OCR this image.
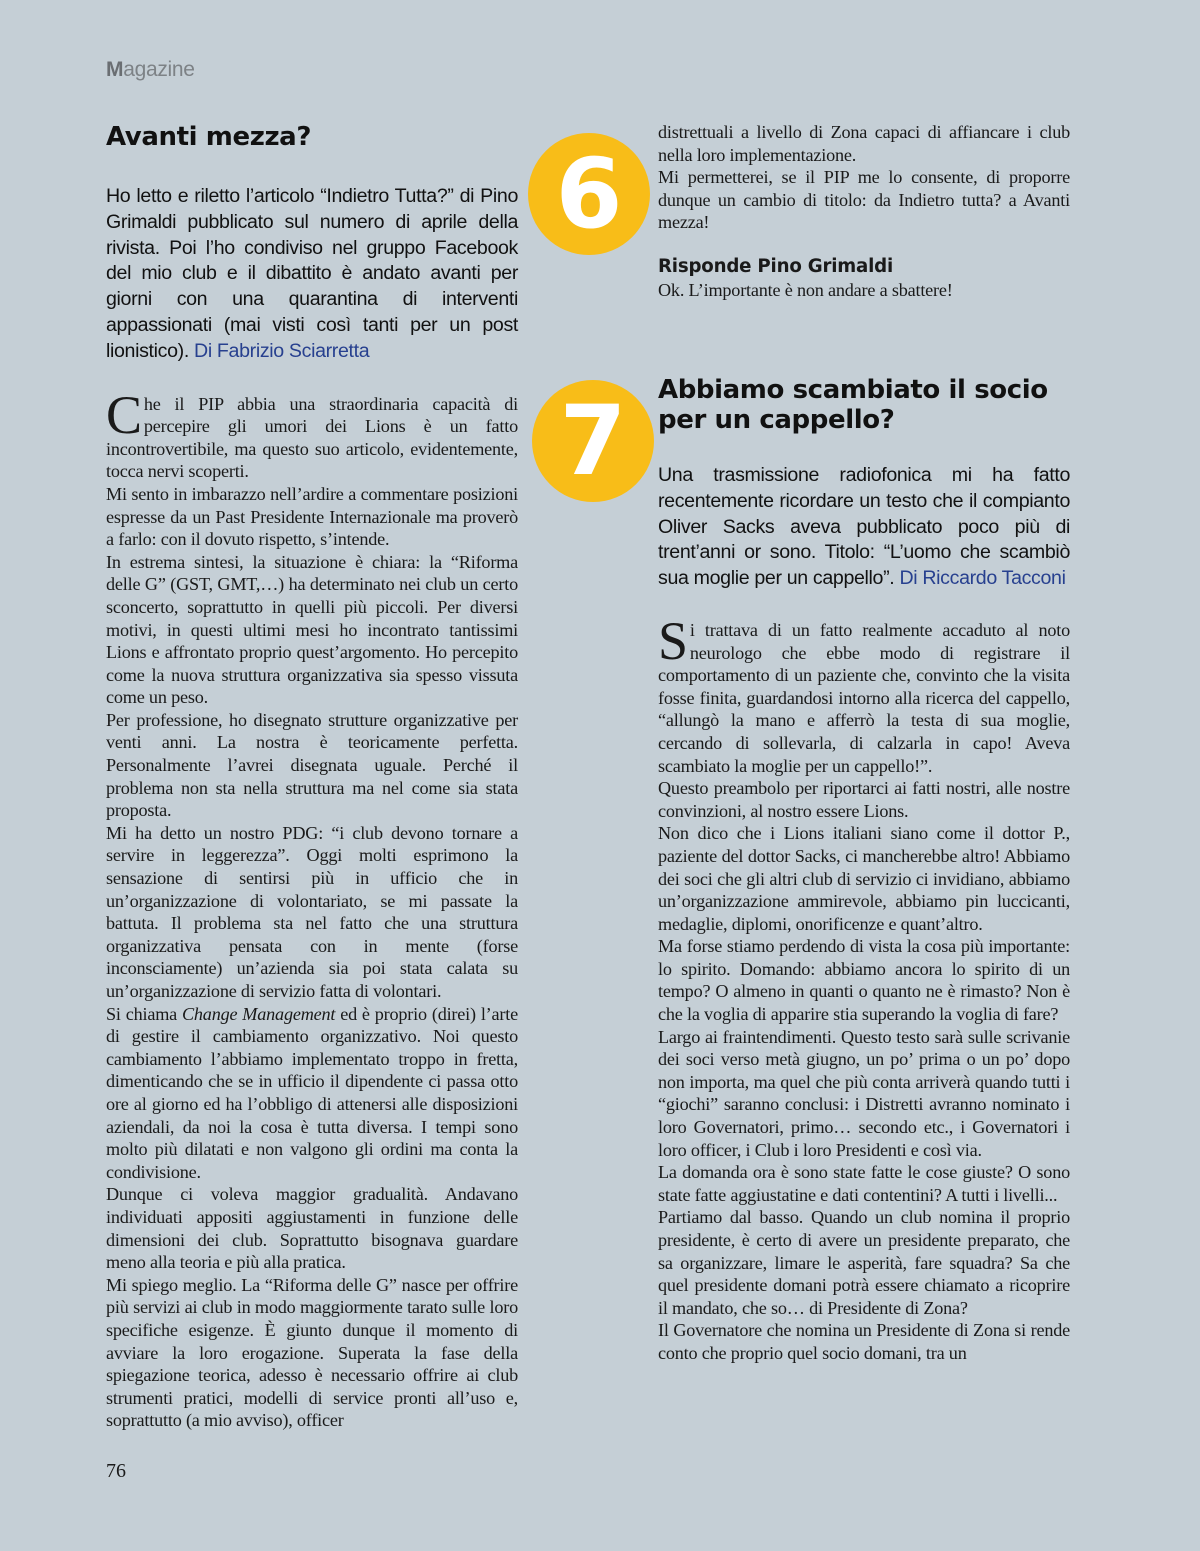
Magazine
Avanti mezza?

Ho letto e riletto l’articolo “Indietro Tutta?” di Pino Grimaldi pubblicato sul numero di aprile della rivista. Poi l’ho condiviso nel gruppo Facebook del mio club e il dibattito è andato avanti per giorni con una quarantina di interventi appassionati (mai visti così tanti per un post lionistico). Di Fabrizio Sciarretta

Che il PIP abbia una straordinaria capacità di percepire gli umori dei Lions è un fatto incontrovertibile, ma questo suo articolo, evidentemente, tocca nervi scoperti.

Mi sento in imbarazzo nell’ardire a commentare posizioni espresse da un Past Presidente Internazionale ma proverò a farlo: con il dovuto rispetto, s’intende.

In estrema sintesi, la situazione è chiara: la “Riforma delle G” (GST, GMT,…) ha determinato nei club un certo sconcerto, soprattutto in quelli più piccoli. Per diversi motivi, in questi ultimi mesi ho incontrato tantissimi Lions e affrontato proprio quest’argomento. Ho percepito come la nuova struttura organizzativa sia spesso vissuta come un peso.

Per professione, ho disegnato strutture organizzative per venti anni. La nostra è teoricamente perfetta. Personalmente l’avrei disegnata uguale. Perché il problema non sta nella struttura ma nel come sia stata proposta.

Mi ha detto un nostro PDG: “i club devono tornare a servire in leggerezza”. Oggi molti esprimono la sensazione di sentirsi più in ufficio che in un’organizzazione di volontariato, se mi passate la battuta. Il problema sta nel fatto che una struttura organizzativa pensata con in mente (forse inconsciamente) un’azienda sia poi stata calata su un’organizzazione di servizio fatta di volontari.

Si chiama Change Management ed è proprio (direi) l’arte di gestire il cambiamento organizzativo. Noi questo cambiamento l’abbiamo implementato troppo in fretta, dimenticando che se in ufficio il dipendente ci passa otto ore al giorno ed ha l’obbligo di attenersi alle disposizioni aziendali, da noi la cosa è tutta diversa. I tempi sono molto più dilatati e non valgono gli ordini ma conta la condivisione.

Dunque ci voleva maggior gradualità. Andavano individuati appositi aggiustamenti in funzione delle dimensioni dei club. Soprattutto bisognava guardare meno alla teoria e più alla pratica.

Mi spiego meglio. La “Riforma delle G” nasce per offrire più servizi ai club in modo maggiormente tarato sulle loro specifiche esigenze. È giunto dunque il momento di avviare la loro erogazione. Superata la fase della spiegazione teorica, adesso è necessario offrire ai club strumenti pratici, modelli di service pronti all’uso e, soprattutto (a mio avviso), officer

6

distrettuali a livello di Zona capaci di affiancare i club nella loro implementazione.

Mi permetterei, se il PIP me lo consente, di proporre dunque un cambio di titolo: da Indietro tutta? a Avanti mezza!

Risponde Pino Grimaldi

Ok. L’importante è non andare a sbattere!

Abbiamo scambiato il socio per un cappello?

Una trasmissione radiofonica mi ha fatto recentemente ricordare un testo che il compianto Oliver Sacks aveva pubblicato poco più di trent’anni or sono. Titolo: “L’uomo che scambiò sua moglie per un cappello”. Di Riccardo Tacconi

Si trattava di un fatto realmente accaduto al noto neurologo che ebbe modo di registrare il comportamento di un paziente che, convinto che la visita fosse finita, guardandosi intorno alla ricerca del cappello, “allungò la mano e afferrò la testa di sua moglie, cercando di sollevarla, di calzarla in capo! Aveva scambiato la moglie per un cappello!”.

Questo preambolo per riportarci ai fatti nostri, alle nostre convinzioni, al nostro essere Lions.

Non dico che i Lions italiani siano come il dottor P., paziente del dottor Sacks, ci mancherebbe altro! Abbiamo dei soci che gli altri club di servizio ci invidiano, abbiamo un’organizzazione ammirevole, abbiamo pin luccicanti, medaglie, diplomi, onorificenze e quant’altro.

Ma forse stiamo perdendo di vista la cosa più importante: lo spirito. Domando: abbiamo ancora lo spirito di un tempo? O almeno in quanti o quanto ne è rimasto? Non è che la voglia di apparire stia superando la voglia di fare?

Largo ai fraintendimenti. Questo testo sarà sulle scrivanie dei soci verso metà giugno, un po’ prima o un po’ dopo non importa, ma quel che più conta arriverà quando tutti i “giochi” saranno conclusi: i Distretti avranno nominato i loro Governatori, primo… secondo etc., i Governatori i loro officer, i Club i loro Presidenti e così via.

La domanda ora è sono state fatte le cose giuste? O sono state fatte aggiustatine e dati contentini? A tutti i livelli...

Partiamo dal basso. Quando un club nomina il proprio presidente, è certo di avere un presidente preparato, che sa organizzare, limare le asperità, fare squadra? Sa che quel presidente domani potrà essere chiamato a ricoprire il mandato, che so… di Presidente di Zona?

Il Governatore che nomina un Presidente di Zona si rende conto che proprio quel socio domani, tra un

7
76
